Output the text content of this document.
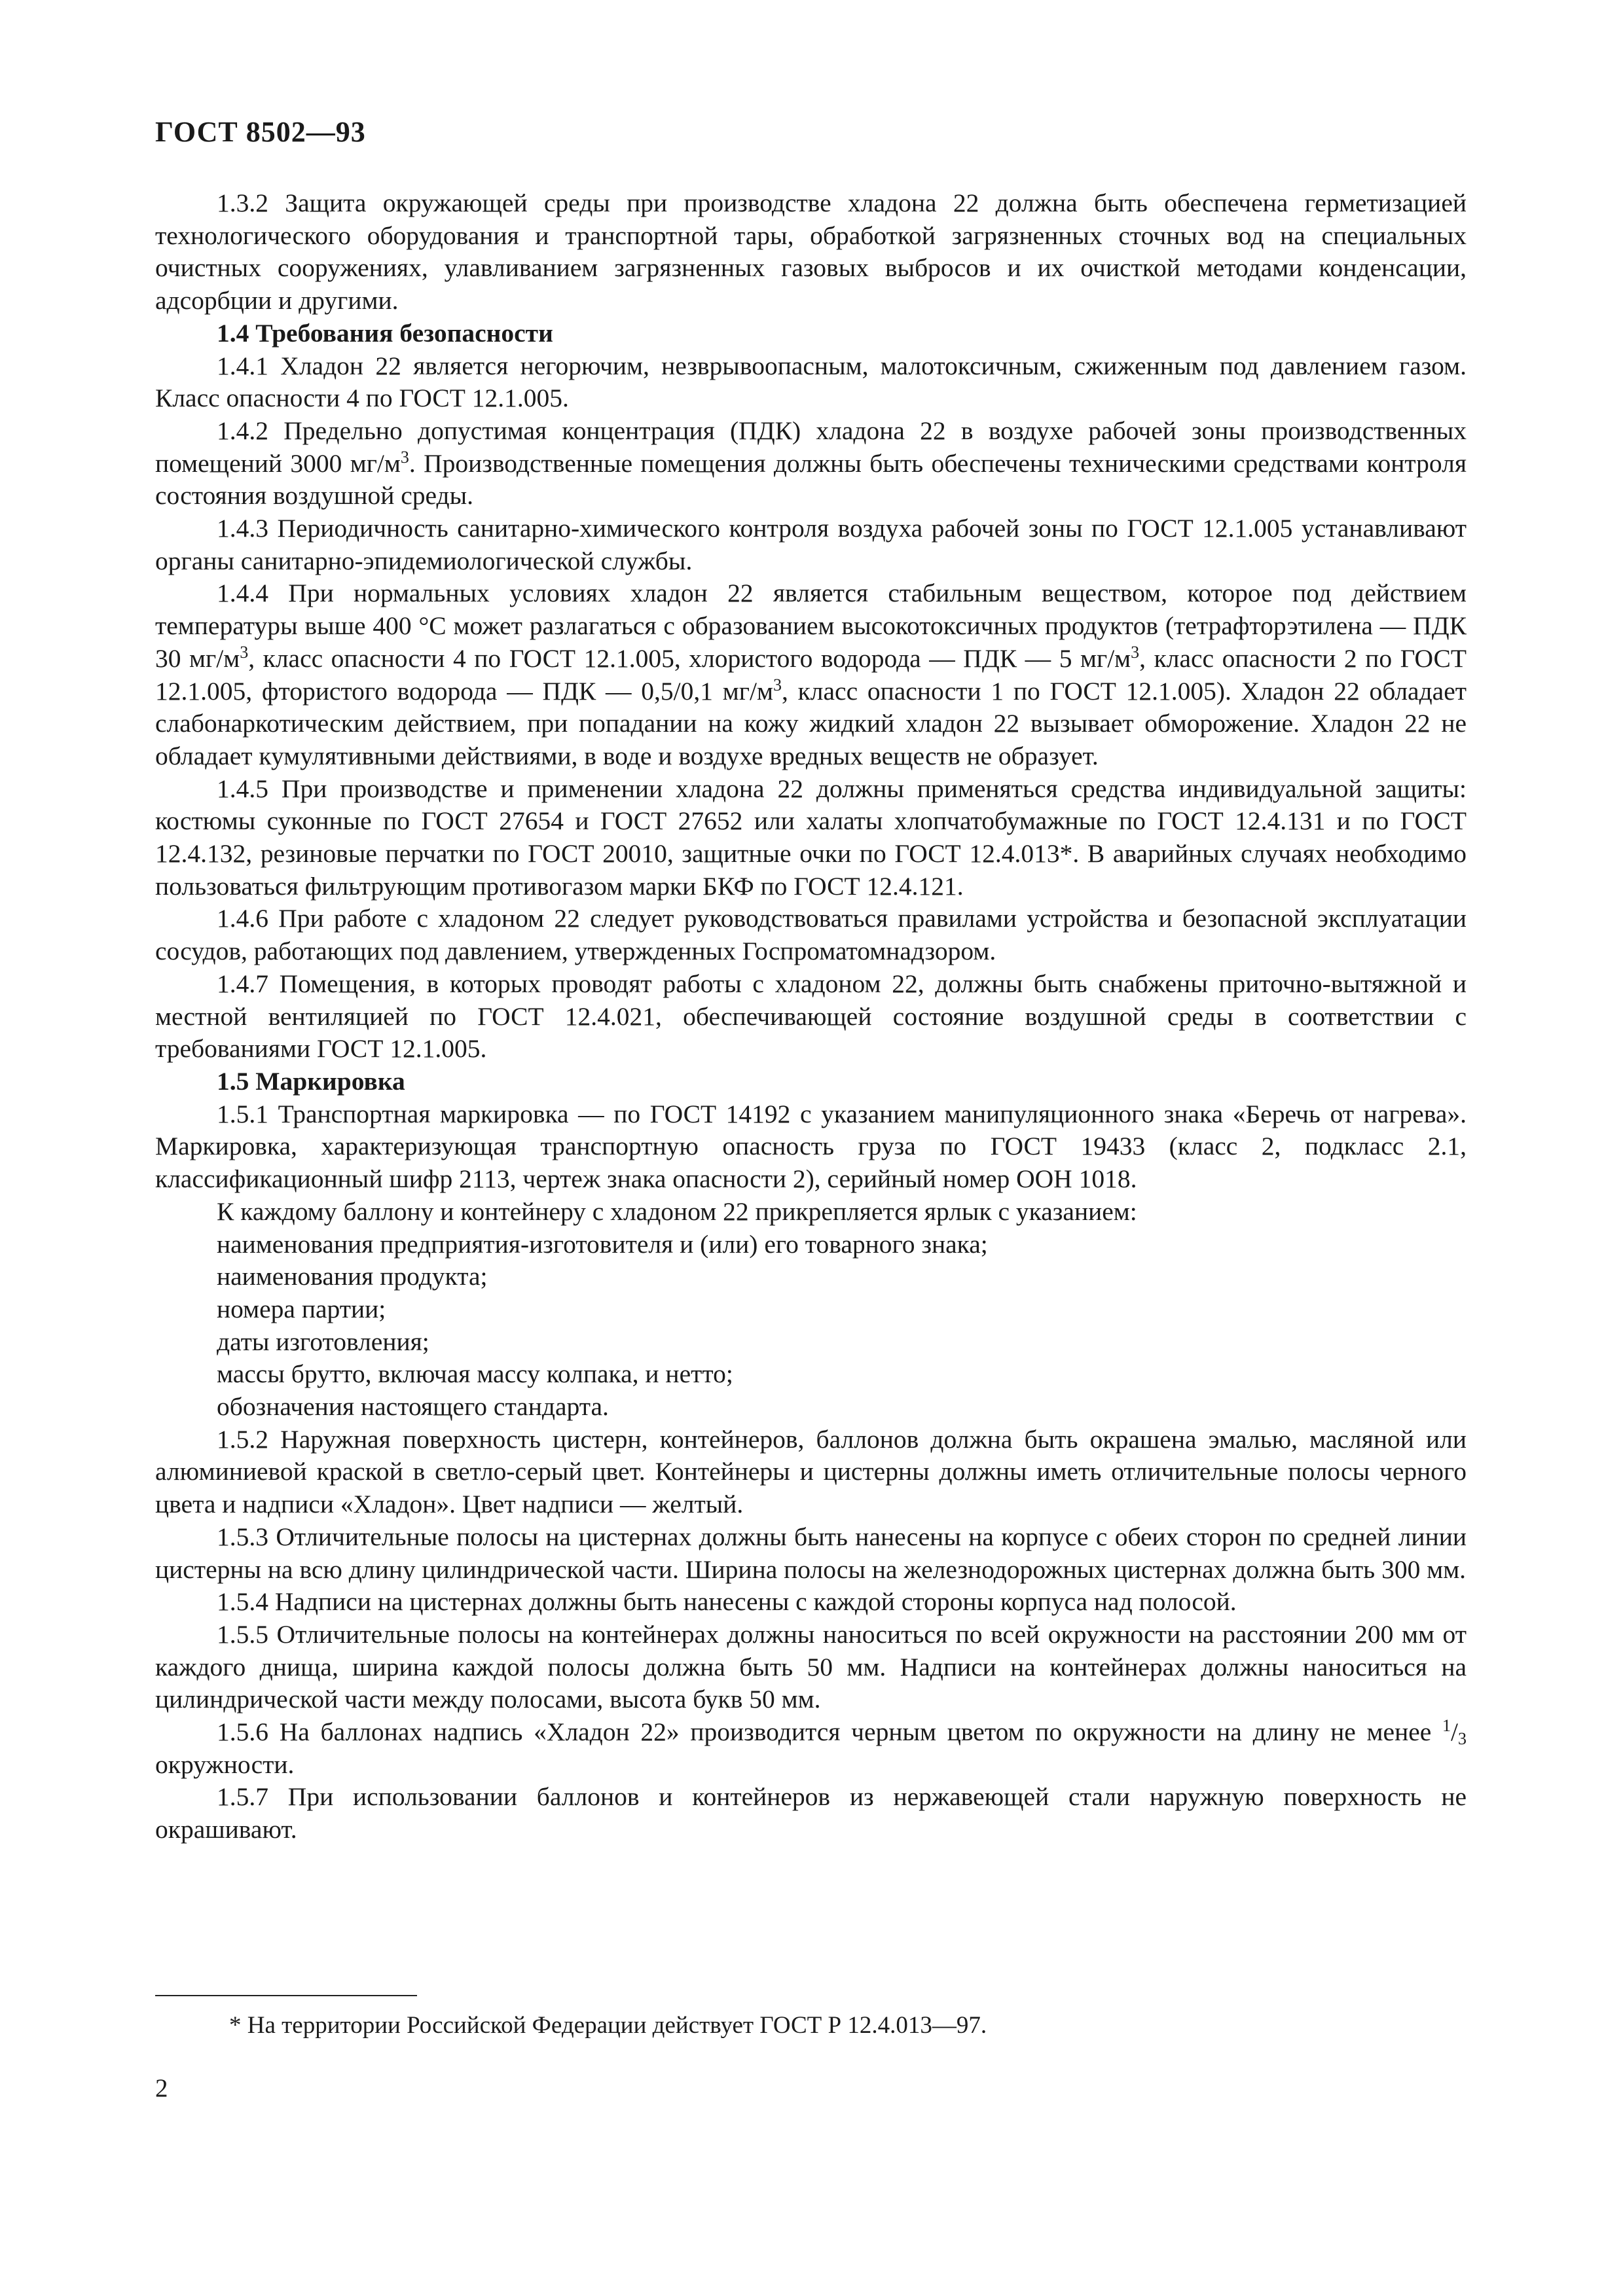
ГОСТ 8502—93

1.3.2 Защита окружающей среды при производстве хладона 22 должна быть обеспечена герметизацией технологического оборудования и транспортной тары, обработкой загрязненных сточных вод на специальных очистных сооружениях, улавливанием загрязненных газовых выбросов и их очисткой методами конденсации, адсорбции и другими.

1.4 Требования безопасности

1.4.1 Хладон 22 является негорючим, незврывоопасным, малотоксичным, сжиженным под давлением газом. Класс опасности 4 по ГОСТ 12.1.005.

1.4.2 Предельно допустимая концентрация (ПДК) хладона 22 в воздухе рабочей зоны производственных помещений 3000 $мг/м^3$. Производственные помещения должны быть обеспечены техническими средствами контроля состояния воздушной среды.

1.4.3 Периодичность санитарно-химического контроля воздуха рабочей зоны по ГОСТ 12.1.005 устанавливают органы санитарно-эпидемиологической службы.

1.4.4 При нормальных условиях хладон 22 является стабильным веществом, которое под действием температуры выше 400 °С может разлагаться с образованием высокотоксичных продуктов (тетрафторэтилена — ПДК 30 $мг/м^3$, класс опасности 4 по ГОСТ 12.1.005, хлористого водорода — ПДК — 5 $мг/м^3$, класс опасности 2 по ГОСТ 12.1.005, фтористого водорода — ПДК — 0,5/0,1 $мг/м^3$, класс опасности 1 по ГОСТ 12.1.005). Хладон 22 обладает слабонаркотическим действием, при попадании на кожу жидкий хладон 22 вызывает обморожение. Хладон 22 не обладает кумулятивными действиями, в воде и воздухе вредных веществ не образует.

1.4.5 При производстве и применении хладона 22 должны применяться средства индивидуальной защиты: костюмы суконные по ГОСТ 27654 и ГОСТ 27652 или халаты хлопчатобумажные по ГОСТ 12.4.131 и по ГОСТ 12.4.132, резиновые перчатки по ГОСТ 20010, защитные очки по ГОСТ 12.4.013*. В аварийных случаях необходимо пользоваться фильтрующим противогазом марки БКФ по ГОСТ 12.4.121.

1.4.6 При работе с хладоном 22 следует руководствоваться правилами устройства и безопасной эксплуатации сосудов, работающих под давлением, утвержденных Госпроматомнадзором.

1.4.7 Помещения, в которых проводят работы с хладоном 22, должны быть снабжены приточно-вытяжной и местной вентиляцией по ГОСТ 12.4.021, обеспечивающей состояние воздушной среды в соответствии с требованиями ГОСТ 12.1.005.

1.5 Маркировка

1.5.1 Транспортная маркировка — по ГОСТ 14192 с указанием манипуляционного знака «Беречь от нагрева». Маркировка, характеризующая транспортную опасность груза по ГОСТ 19433 (класс 2, подкласс 2.1, классификационный шифр 2113, чертеж знака опасности 2), серийный номер ООН 1018.

К каждому баллону и контейнеру с хладоном 22 прикрепляется ярлык с указанием:

наименования предприятия-изготовителя и (или) его товарного знака;

наименования продукта;

номера партии;

даты изготовления;

массы брутто, включая массу колпака, и нетто;

обозначения настоящего стандарта.

1.5.2 Наружная поверхность цистерн, контейнеров, баллонов должна быть окрашена эмалью, масляной или алюминиевой краской в светло-серый цвет. Контейнеры и цистерны должны иметь отличительные полосы черного цвета и надписи «Хладон». Цвет надписи — желтый.

1.5.3 Отличительные полосы на цистернах должны быть нанесены на корпусе с обеих сторон по средней линии цистерны на всю длину цилиндрической части. Ширина полосы на железнодорожных цистернах должна быть 300 мм.

1.5.4 Надписи на цистернах должны быть нанесены с каждой стороны корпуса над полосой.

1.5.5 Отличительные полосы на контейнерах должны наноситься по всей окружности на расстоянии 200 мм от каждого днища, ширина каждой полосы должна быть 50 мм. Надписи на контейнерах должны наноситься на цилиндрической части между полосами, высота букв 50 мм.

1.5.6 На баллонах надпись «Хладон 22» производится черным цветом по окружности на длину не менее $^1$/3 окружности.

1.5.7 При использовании баллонов и контейнеров из нержавеющей стали наружную поверхность не окрашивают.

* На территории Российской Федерации действует ГОСТ Р 12.4.013—97.
2
